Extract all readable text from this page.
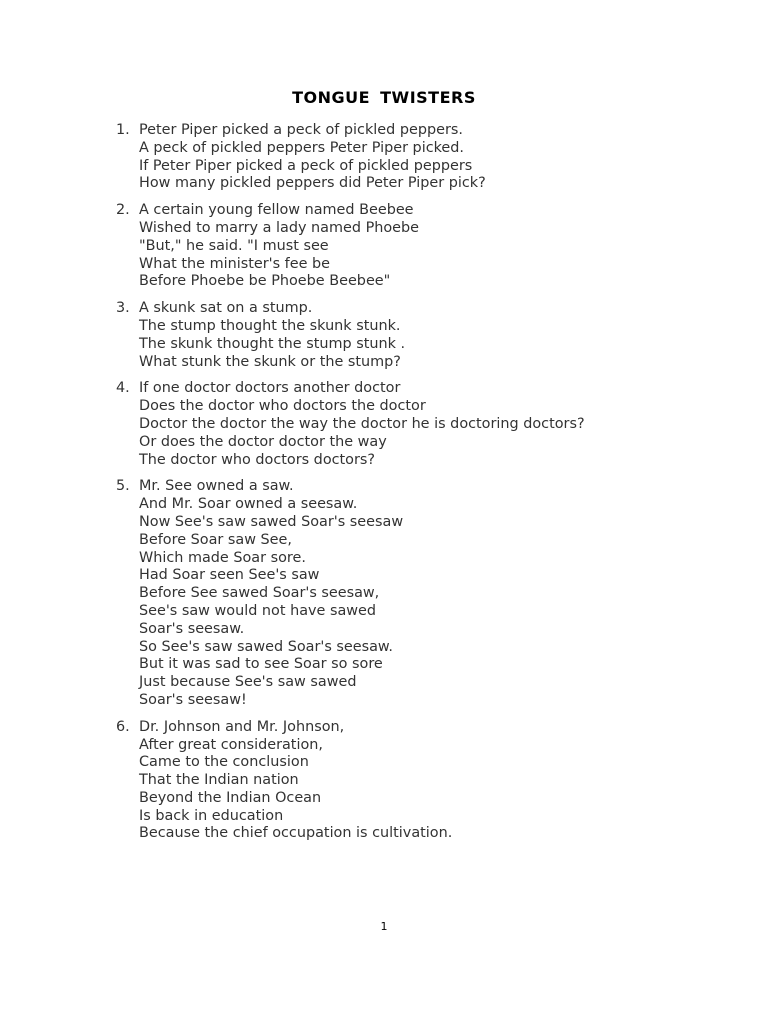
TONGUE TWISTERS
1. Peter Piper picked a peck of pickled peppers.
A peck of pickled peppers Peter Piper picked.
If Peter Piper picked a peck of pickled peppers
How many pickled peppers did Peter Piper pick?
2. A certain young fellow named Beebee
Wished to marry a lady named Phoebe
"But," he said. "I must see
What the minister's fee be
Before Phoebe be Phoebe Beebee"
3. A skunk sat on a stump.
The stump thought the skunk stunk.
The skunk thought the stump stunk .
What stunk the skunk or the stump?
4. If one doctor doctors another doctor
Does the doctor who doctors the doctor
Doctor the doctor the way the doctor he is doctoring doctors?
Or does the doctor doctor the way
The doctor who doctors doctors?
5. Mr. See owned a saw.
And Mr. Soar owned a seesaw.
Now See's saw sawed Soar's seesaw
Before Soar saw See,
Which made Soar sore.
Had Soar seen See's saw
Before See sawed Soar's seesaw,
See's saw would not have sawed
Soar's seesaw.
So See's saw sawed Soar's seesaw.
But it was sad to see Soar so sore
Just because See's saw sawed
Soar's seesaw!
6. Dr. Johnson and Mr. Johnson,
After great consideration,
Came to the conclusion
That the Indian nation
Beyond the Indian Ocean
Is back in education
Because the chief occupation is cultivation.
1
